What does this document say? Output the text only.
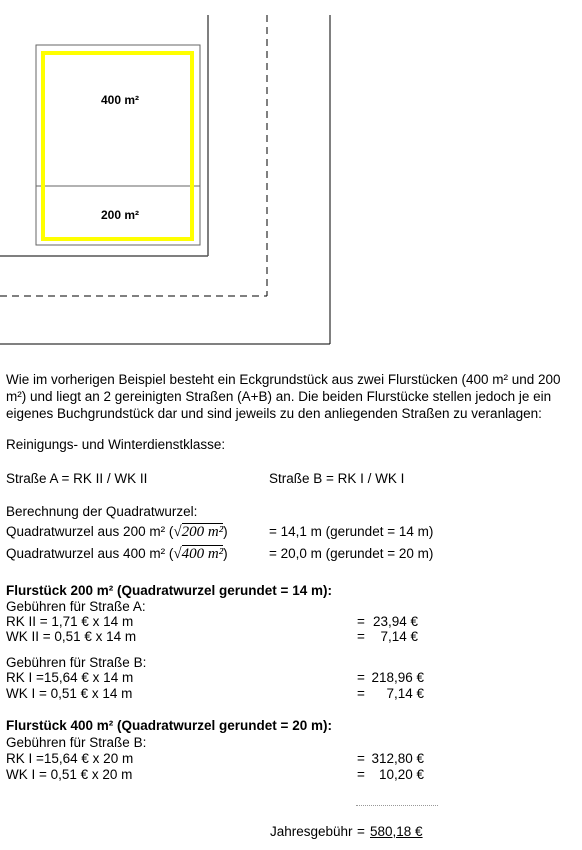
400 m²
200 m²
Wie im vorherigen Beispiel besteht ein Eckgrundstück aus zwei Flurstücken (400 m² und 200 m²) und liegt an 2 gereinigten Straßen (A+B) an. Die beiden Flurstücke stellen jedoch je ein eigenes Buchgrundstück dar und sind jeweils zu den anliegenden Straßen zu veranlagen:
Reinigungs- und Winterdienstklasse:
Straße A = RK II / WK II	Straße B = RK I / WK I
Berechnung der Quadratwurzel:
Quadratwurzel aus 200 m² (√200 m²)	= 14,1 m (gerundet = 14 m)
Quadratwurzel aus 400 m² (√400 m²)	= 20,0 m (gerundet = 20 m)
Flurstück 200 m² (Quadratwurzel gerundet = 14 m):
Gebühren für Straße A:
RK II = 1,71 € x 14 m	= 23,94 €
WK II = 0,51 € x 14 m	=	7,14 €
Gebühren für Straße B:
RK I =15,64 € x 14 m	= 218,96 €
WK I = 0,51 € x 14 m	=	7,14 €
Flurstück 400 m² (Quadratwurzel gerundet = 20 m):
Gebühren für Straße B:
RK I =15,64 € x 20 m	= 312,80 €
WK I = 0,51 € x 20 m	=	10,20 €
Jahresgebühr = 580,18 €
